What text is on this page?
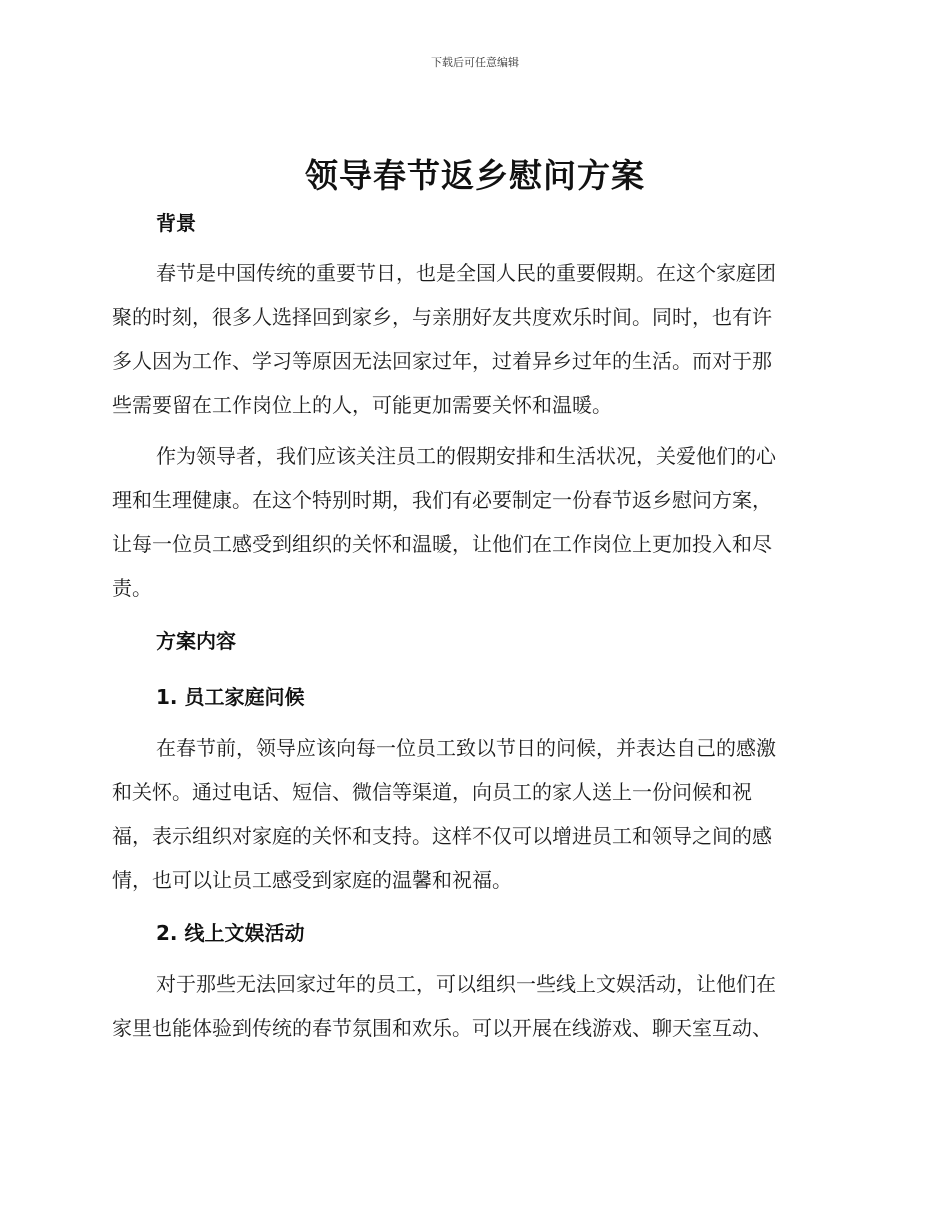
下载后可任意编辑
领导春节返乡慰问方案
背景
春节是中国传统的重要节日，也是全国人民的重要假期。在这个家庭团
聚的时刻，很多人选择回到家乡，与亲朋好友共度欢乐时间。同时，也有许
多人因为工作、学习等原因无法回家过年，过着异乡过年的生活。而对于那
些需要留在工作岗位上的人，可能更加需要关怀和温暖。
作为领导者，我们应该关注员工的假期安排和生活状况，关爱他们的心
理和生理健康。在这个特别时期，我们有必要制定一份春节返乡慰问方案，
让每一位员工感受到组织的关怀和温暖，让他们在工作岗位上更加投入和尽
责。
方案内容
1. 员工家庭问候
在春节前，领导应该向每一位员工致以节日的问候，并表达自己的感激
和关怀。通过电话、短信、微信等渠道，向员工的家人送上一份问候和祝
福，表示组织对家庭的关怀和支持。这样不仅可以增进员工和领导之间的感
情，也可以让员工感受到家庭的温馨和祝福。
2. 线上文娱活动
对于那些无法回家过年的员工，可以组织一些线上文娱活动，让他们在
家里也能体验到传统的春节氛围和欢乐。可以开展在线游戏、聊天室互动、
